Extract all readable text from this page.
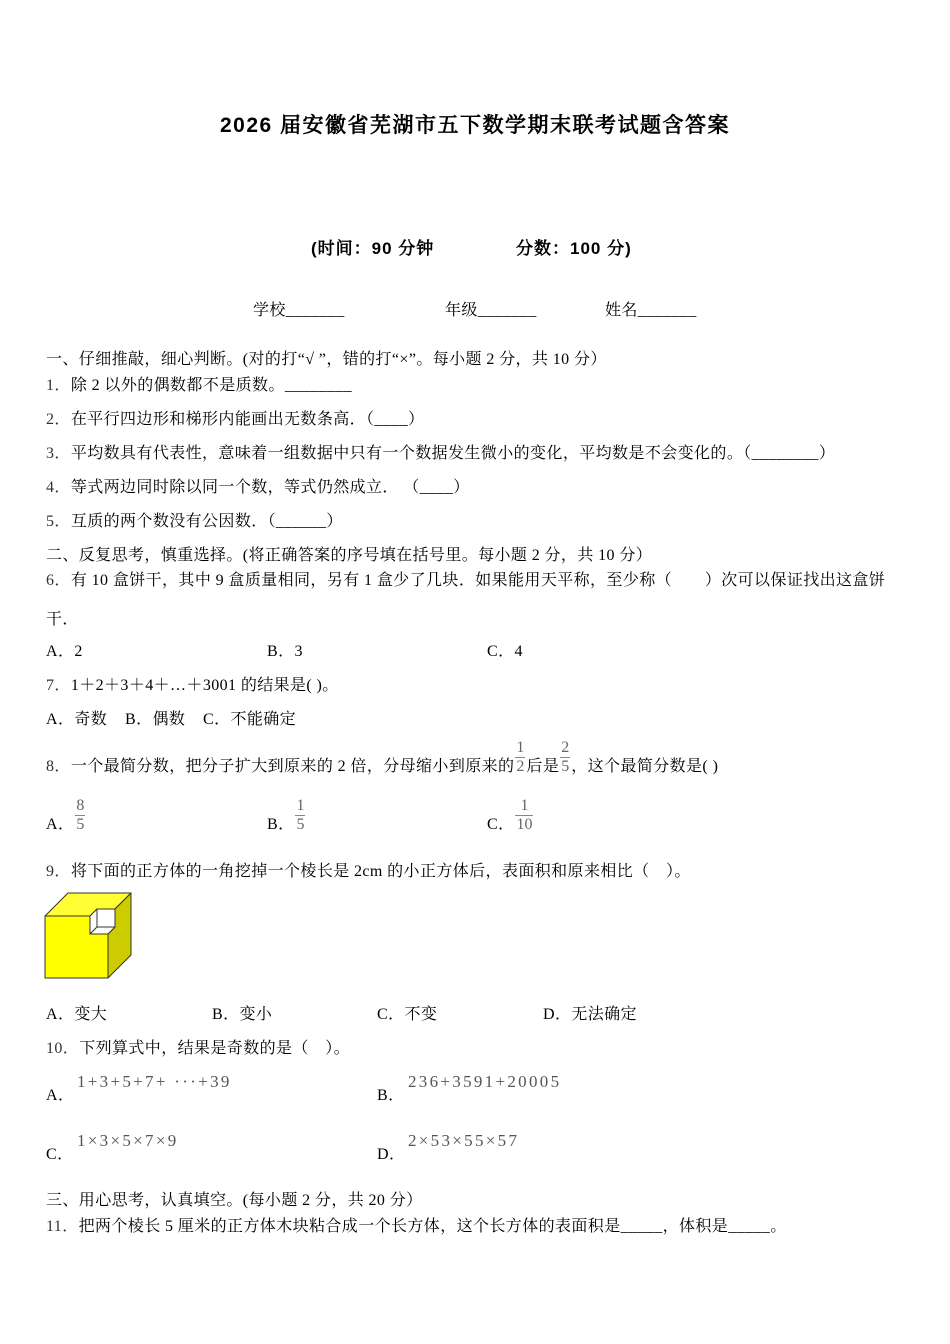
2026 届安徽省芜湖市五下数学期末联考试题含答案
(时间：90 分钟	分数：100 分)
学校_______	年级_______	姓名_______
一、仔细推敲，细心判断。(对的打“√ ”，错的打“×”。每小题 2 分，共 10 分）
1．除 2 以外的偶数都不是质数。________
2．在平行四边形和梯形内能画出无数条高．（____）
3．平均数具有代表性，意味着一组数据中只有一个数据发生微小的变化，平均数是不会变化的。（________）
4．等式两边同时除以同一个数，等式仍然成立． （____）
5．互质的两个数没有公因数．（______）
二、反复思考，慎重选择。(将正确答案的序号填在括号里。每小题 2 分，共 10 分）
6．有 10 盒饼干，其中 9 盒质量相同，另有 1 盒少了几块．如果能用天平称，至少称（　　）次可以保证找出这盒饼
干．
A．2	B．3	C．4
7．1＋2＋3＋4＋…＋3001 的结果是( )。
A．奇数 B．偶数 C．不能确定
8．一个最简分数，把分子扩大到原来的 2 倍，分母缩小到原来的 $\frac{1}{2}$ 后是 $\frac{2}{5}$ ，这个最简分数是( )
A． $\frac{8}{5}$	B． $\frac{1}{5}$	C． $\frac{1}{10}$
9．将下面的正方体的一角挖掉一个棱长是 2cm 的小正方体后，表面积和原来相比（　）。
A．变大	B．变小	C．不变	D．无法确定
10．下列算式中，结果是奇数的是（　）。
A．
1+3+5+7+ ···+39
B．
236+3591+20005
C．
1×3×5×7×9
D．
2×53×55×57
三、用心思考，认真填空。(每小题 2 分，共 20 分）
11．把两个棱长 5 厘米的正方体木块粘合成一个长方体，这个长方体的表面积是_____，体积是_____。
